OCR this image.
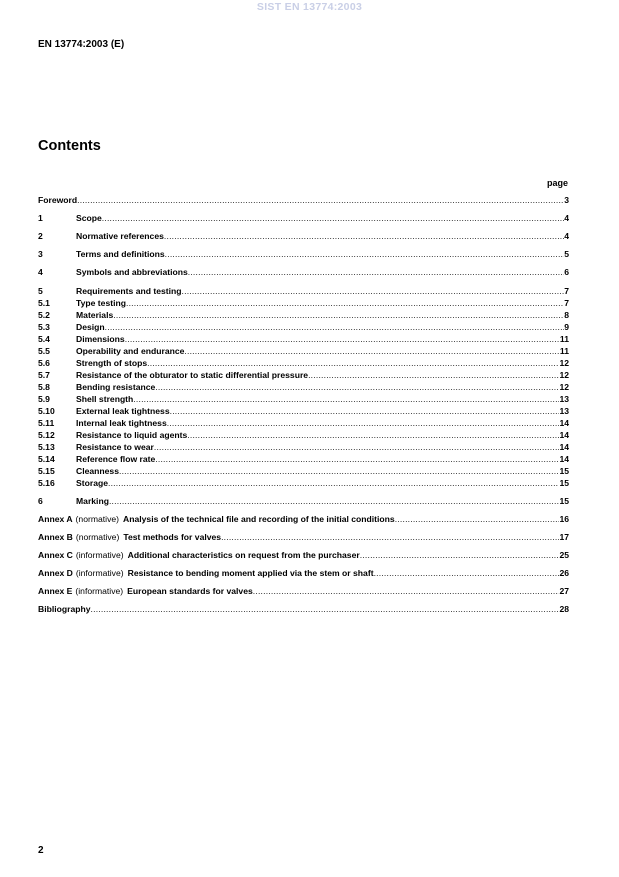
SIST EN 13774:2003
EN 13774:2003 (E)
Contents
page
Foreword .....	3
1	Scope .....	4
2	Normative references .....	4
3	Terms and definitions .....	5
4	Symbols and abbreviations .....	6
5	Requirements and testing .....	7
5.1	Type testing .....	7
5.2	Materials .....	8
5.3	Design .....	9
5.4	Dimensions .....	11
5.5	Operability and endurance .....	11
5.6	Strength of stops .....	12
5.7	Resistance of the obturator to static differential pressure .....	12
5.8	Bending resistance .....	12
5.9	Shell strength .....	13
5.10	External leak tightness .....	13
5.11	Internal leak tightness .....	14
5.12	Resistance to liquid agents .....	14
5.13	Resistance to wear .....	14
5.14	Reference flow rate .....	14
5.15	Cleanness .....	15
5.16	Storage .....	15
6	Marking .....	15
Annex A (normative) Analysis of the technical file and recording of the initial conditions .....	16
Annex B (normative) Test methods for valves .....	17
Annex C (informative) Additional characteristics on request from the purchaser .....	25
Annex D (informative) Resistance to bending moment applied via the stem or shaft .....	26
Annex E (informative) European standards for valves .....	27
Bibliography .....	28
2
